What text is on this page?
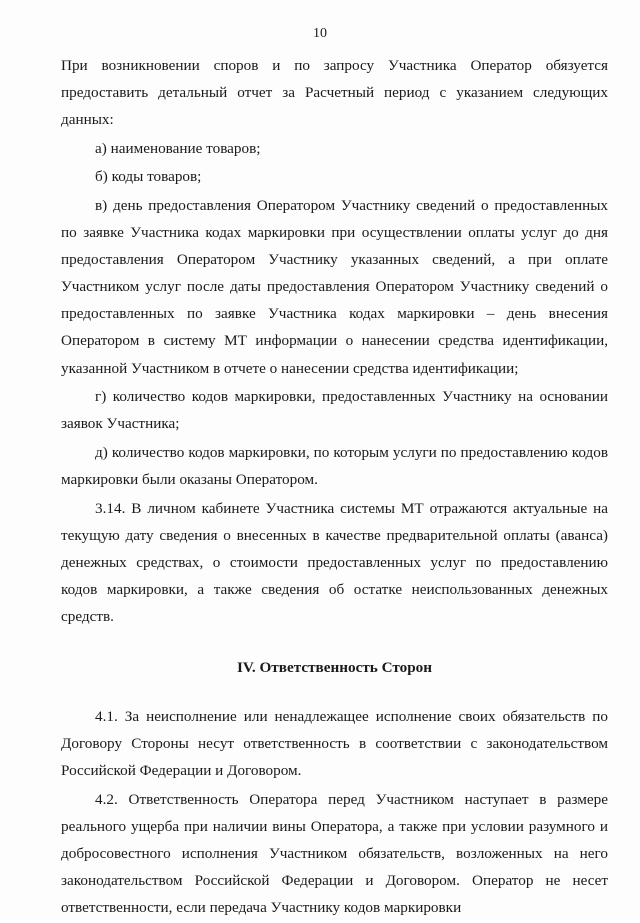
10

При возникновении споров и по запросу Участника Оператор обязуется предоставить детальный отчет за Расчетный период с указанием следующих данных:

а) наименование товаров;

б) коды товаров;

в) день предоставления Оператором Участнику сведений о предоставленных по заявке Участника кодах маркировки при осуществлении оплаты услуг до дня предоставления Оператором Участнику указанных сведений, а при оплате Участником услуг после даты предоставления Оператором Участнику сведений о предоставленных по заявке Участника кодах маркировки – день внесения Оператором в систему МТ информации о нанесении средства идентификации, указанной Участником в отчете о нанесении средства идентификации;

г) количество кодов маркировки, предоставленных Участнику на основании заявок Участника;

д) количество кодов маркировки, по которым услуги по предоставлению кодов маркировки были оказаны Оператором.

3.14. В личном кабинете Участника системы МТ отражаются актуальные на текущую дату сведения о внесенных в качестве предварительной оплаты (аванса) денежных средствах, о стоимости предоставленных услуг по предоставлению кодов маркировки, а также сведения об остатке неиспользованных денежных средств.

IV. Ответственность Сторон

4.1. За неисполнение или ненадлежащее исполнение своих обязательств по Договору Стороны несут ответственность в соответствии с законодательством Российской Федерации и Договором.

4.2. Ответственность Оператора перед Участником наступает в размере реального ущерба при наличии вины Оператора, а также при условии разумного и добросовестного исполнения Участником обязательств, возложенных на него законодательством Российской Федерации и Договором. Оператор не несет ответственности, если передача Участнику кодов маркировки
